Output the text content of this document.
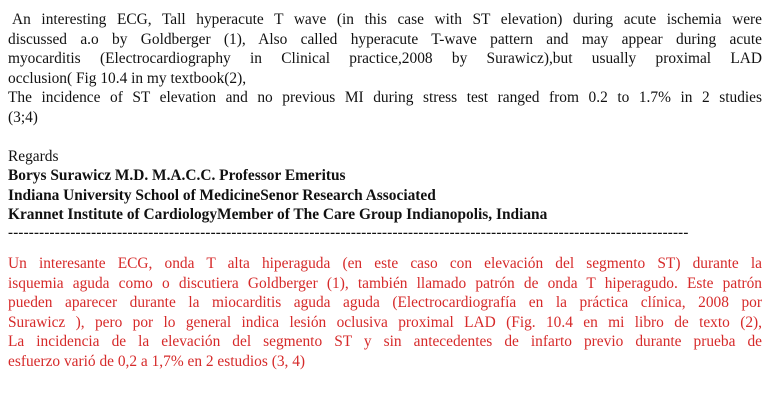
An interesting ECG, Tall hyperacute T wave (in this case with ST elevation) during acute ischemia were
discussed a.o by Goldberger (1), Also called hyperacute T-wave pattern and may appear during acute
myocarditis (Electrocardiography in Clinical practice,2008 by Surawicz),but usually proximal LAD
occlusion( Fig 10.4 in my textbook(2),
The incidence of ST elevation and no previous MI during stress test ranged from 0.2 to 1.7% in 2 studies
(3;4)
Regards
Borys Surawicz M.D. M.A.C.C. Professor Emeritus
Indiana University School of MedicineSenor Research Associated
Krannet Institute of CardiologyMember of The Care Group Indianopolis, Indiana
-----------------------------------------------------------------------------------------------------------------------------------
Un interesante ECG, onda T alta hiperaguda (en este caso con elevación del segmento ST) durante la
isquemia aguda como o discutiera Goldberger (1), también llamado patrón de onda T hiperagudo. Este patrón
pueden aparecer durante la miocarditis aguda aguda (Electrocardiografía en la práctica clínica, 2008 por
Surawicz ), pero por lo general indica lesión oclusiva proximal LAD (Fig. 10.4 en mi libro de texto (2),
La incidencia de la elevación del segmento ST y sin antecedentes de infarto previo durante prueba de
esfuerzo varió de 0,2 a 1,7% en 2 estudios (3, 4)
